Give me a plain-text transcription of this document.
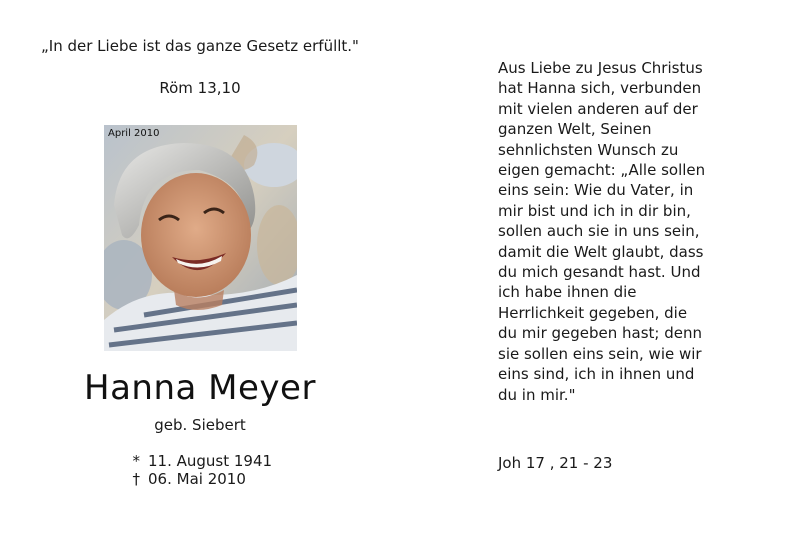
„In der Liebe ist das ganze Gesetz erfüllt."

Röm 13,10

April 2010
Hanna Meyer
geb. Siebert
* 11. August 1941
† 06. Mai 2010

Aus Liebe zu Jesus Christus
hat Hanna sich, verbunden
mit vielen anderen auf der
ganzen Welt, Seinen
sehnlichsten Wunsch zu
eigen gemacht: „Alle sollen
eins sein: Wie du Vater, in
mir bist und ich in dir bin,
sollen auch sie in uns sein,
damit die Welt glaubt, dass
du mich gesandt hast. Und
ich habe ihnen die
Herrlichkeit gegeben, die
du mir gegeben hast; denn
sie sollen eins sein, wie wir
eins sind, ich in ihnen und
du in mir."

Joh 17 , 21 - 23
